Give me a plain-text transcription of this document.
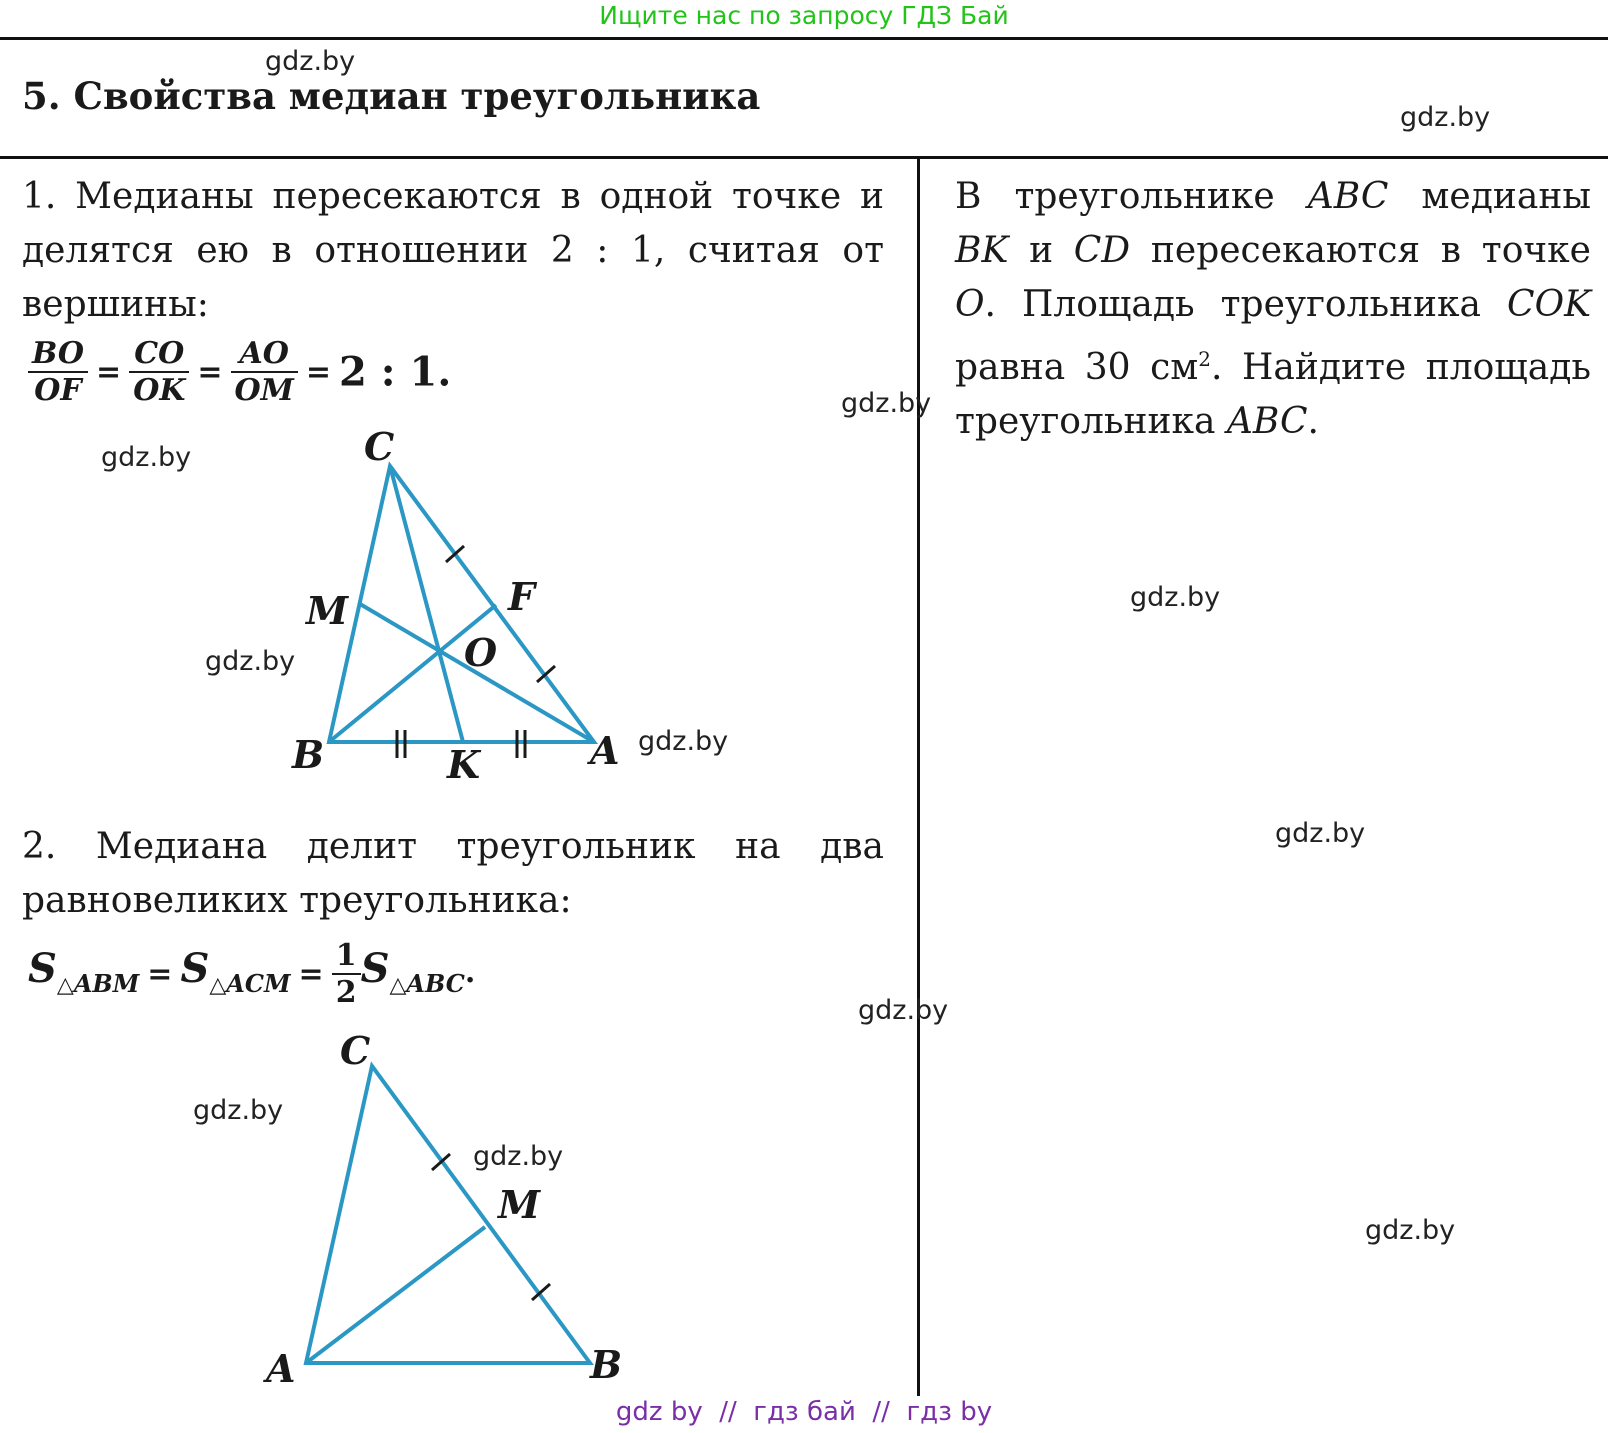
Ищите нас по запросу ГДЗ Бай
5. Свойства медиан треугольника
1. Медианы пересекаются в одной точке и делятся ею в отношении 2 : 1, считая от вершины:
$\frac{BO}{OF} = \frac{CO}{OK} = \frac{AO}{OM} = 2$ : 1.
C
M	F
O
B	K	A
2. Медиана делит треугольник на два равновеликих треугольника:
$S_{\triangle ABM} = S_{\triangle ACM} = \frac{1}{2} S_{\triangle ABC}$.
C
M
A	B
В треугольнике ABC медианы BK и CD пересекаются в точке O. Площадь треугольника COK равна 30 $см^2$. Найдите площадь треугольника ABC.
gdz.by
gdz.by
gdz.by
gdz.by
gdz.by
gdz.by
gdz.by
gdz.by
gdz.by
gdz.by
gdz.by
gdz.by
gdz by  //  гдз бай  //  гдз by
